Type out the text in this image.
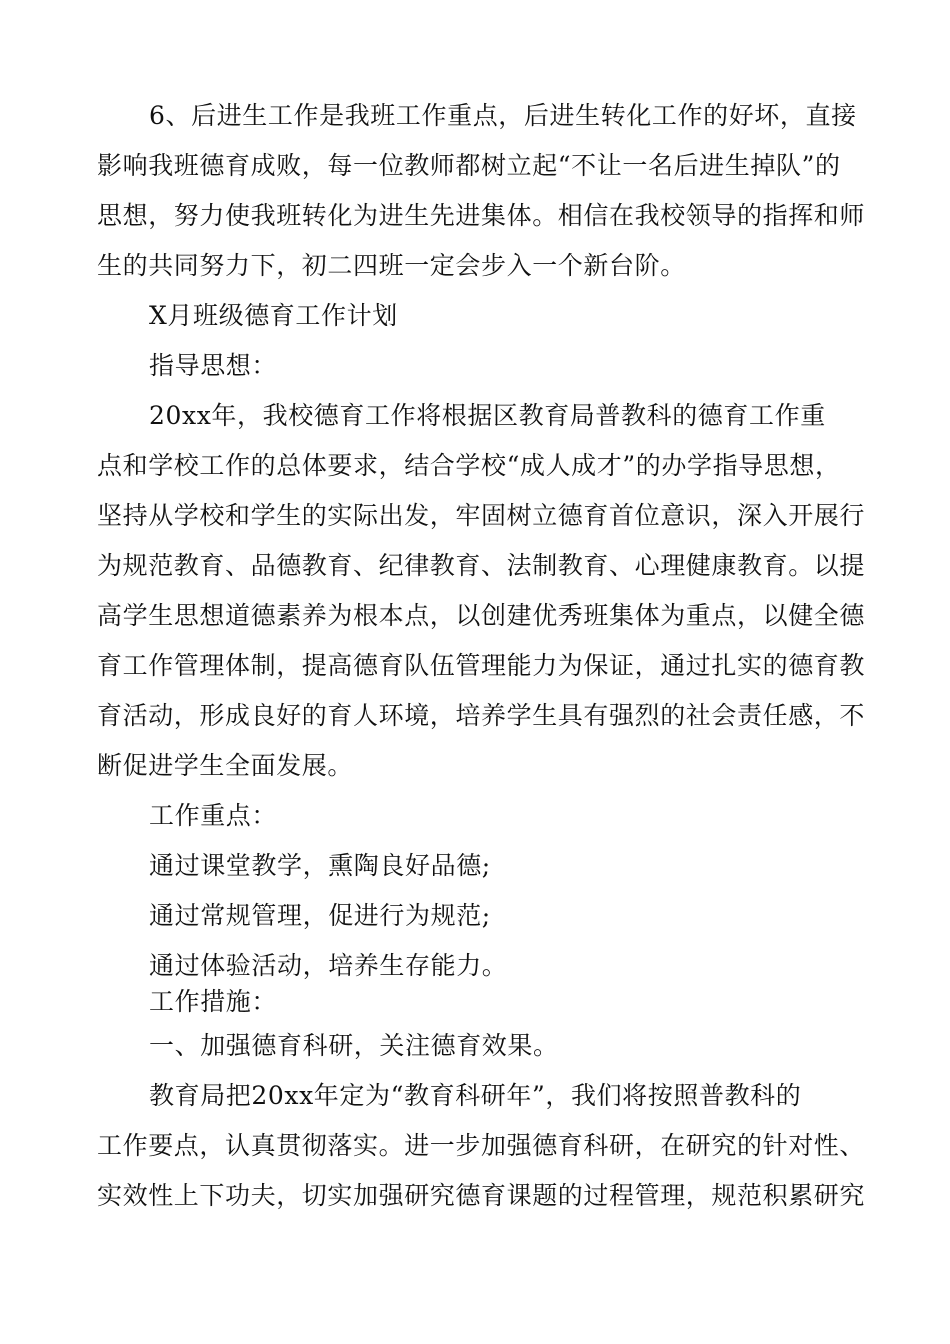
6、后进生工作是我班工作重点，后进生转化工作的好坏，直接
影响我班德育成败，每一位教师都树立起“不让一名后进生掉队”的
思想，努力使我班转化为进生先进集体。相信在我校领导的指挥和师
生的共同努力下，初二四班一定会步入一个新台阶。
X月班级德育工作计划
指导思想：
20xx年，我校德育工作将根据区教育局普教科的德育工作重
点和学校工作的总体要求，结合学校“成人成才”的办学指导思想，
坚持从学校和学生的实际出发，牢固树立德育首位意识，深入开展行
为规范教育、品德教育、纪律教育、法制教育、心理健康教育。以提
高学生思想道德素养为根本点，以创建优秀班集体为重点，以健全德
育工作管理体制，提高德育队伍管理能力为保证，通过扎实的德育教
育活动，形成良好的育人环境，培养学生具有强烈的社会责任感，不
断促进学生全面发展。
工作重点：
通过课堂教学，熏陶良好品德;
通过常规管理，促进行为规范;
通过体验活动，培养生存能力。
工作措施：
一、加强德育科研，关注德育效果。
教育局把20xx年定为“教育科研年”，我们将按照普教科的
工作要点，认真贯彻落实。进一步加强德育科研，在研究的针对性、
实效性上下功夫，切实加强研究德育课题的过程管理，规范积累研究
